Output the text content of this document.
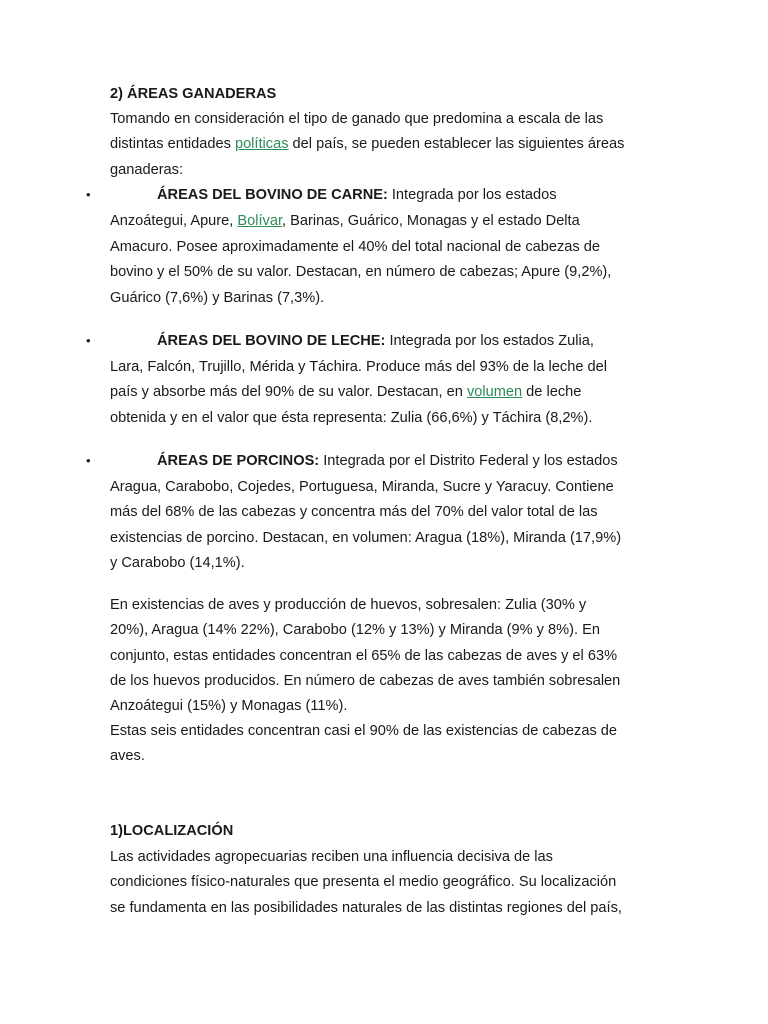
2) ÁREAS GANADERAS
Tomando en consideración el tipo de ganado que predomina a escala de las
distintas entidades políticas del país, se pueden establecer las siguientes áreas
ganaderas:
•	ÁREAS DEL BOVINO DE CARNE: Integrada por los estados
Anzoátegui, Apure, Bolívar, Barinas, Guárico, Monagas y el estado Delta
Amacuro. Posee aproximadamente el 40% del total nacional de cabezas de
bovino y el 50% de su valor. Destacan, en número de cabezas; Apure (9,2%),
Guárico (7,6%) y Barinas (7,3%).
•	ÁREAS DEL BOVINO DE LECHE: Integrada por los estados Zulia,
Lara, Falcón, Trujillo, Mérida y Táchira. Produce más del 93% de la leche del
país y absorbe más del 90% de su valor. Destacan, en volumen de leche
obtenida y en el valor que ésta representa: Zulia (66,6%) y Táchira (8,2%).
•	ÁREAS DE PORCINOS: Integrada por el Distrito Federal y los estados
Aragua, Carabobo, Cojedes, Portuguesa, Miranda, Sucre y Yaracuy. Contiene
más del 68% de las cabezas y concentra más del 70% del valor total de las
existencias de porcino. Destacan, en volumen: Aragua (18%), Miranda (17,9%)
y Carabobo (14,1%).
En existencias de aves y producción de huevos, sobresalen: Zulia (30% y
20%), Aragua (14% 22%), Carabobo (12% y 13%) y Miranda (9% y 8%). En
conjunto, estas entidades concentran el 65% de las cabezas de aves y el 63%
de los huevos producidos. En número de cabezas de aves también sobresalen
Anzoátegui (15%) y Monagas (11%).
Estas seis entidades concentran casi el 90% de las existencias de cabezas de
aves.
1)LOCALIZACIÓN
Las actividades agropecuarias reciben una influencia decisiva de las
condiciones físico-naturales que presenta el medio geográfico. Su localización
se fundamenta en las posibilidades naturales de las distintas regiones del país,
